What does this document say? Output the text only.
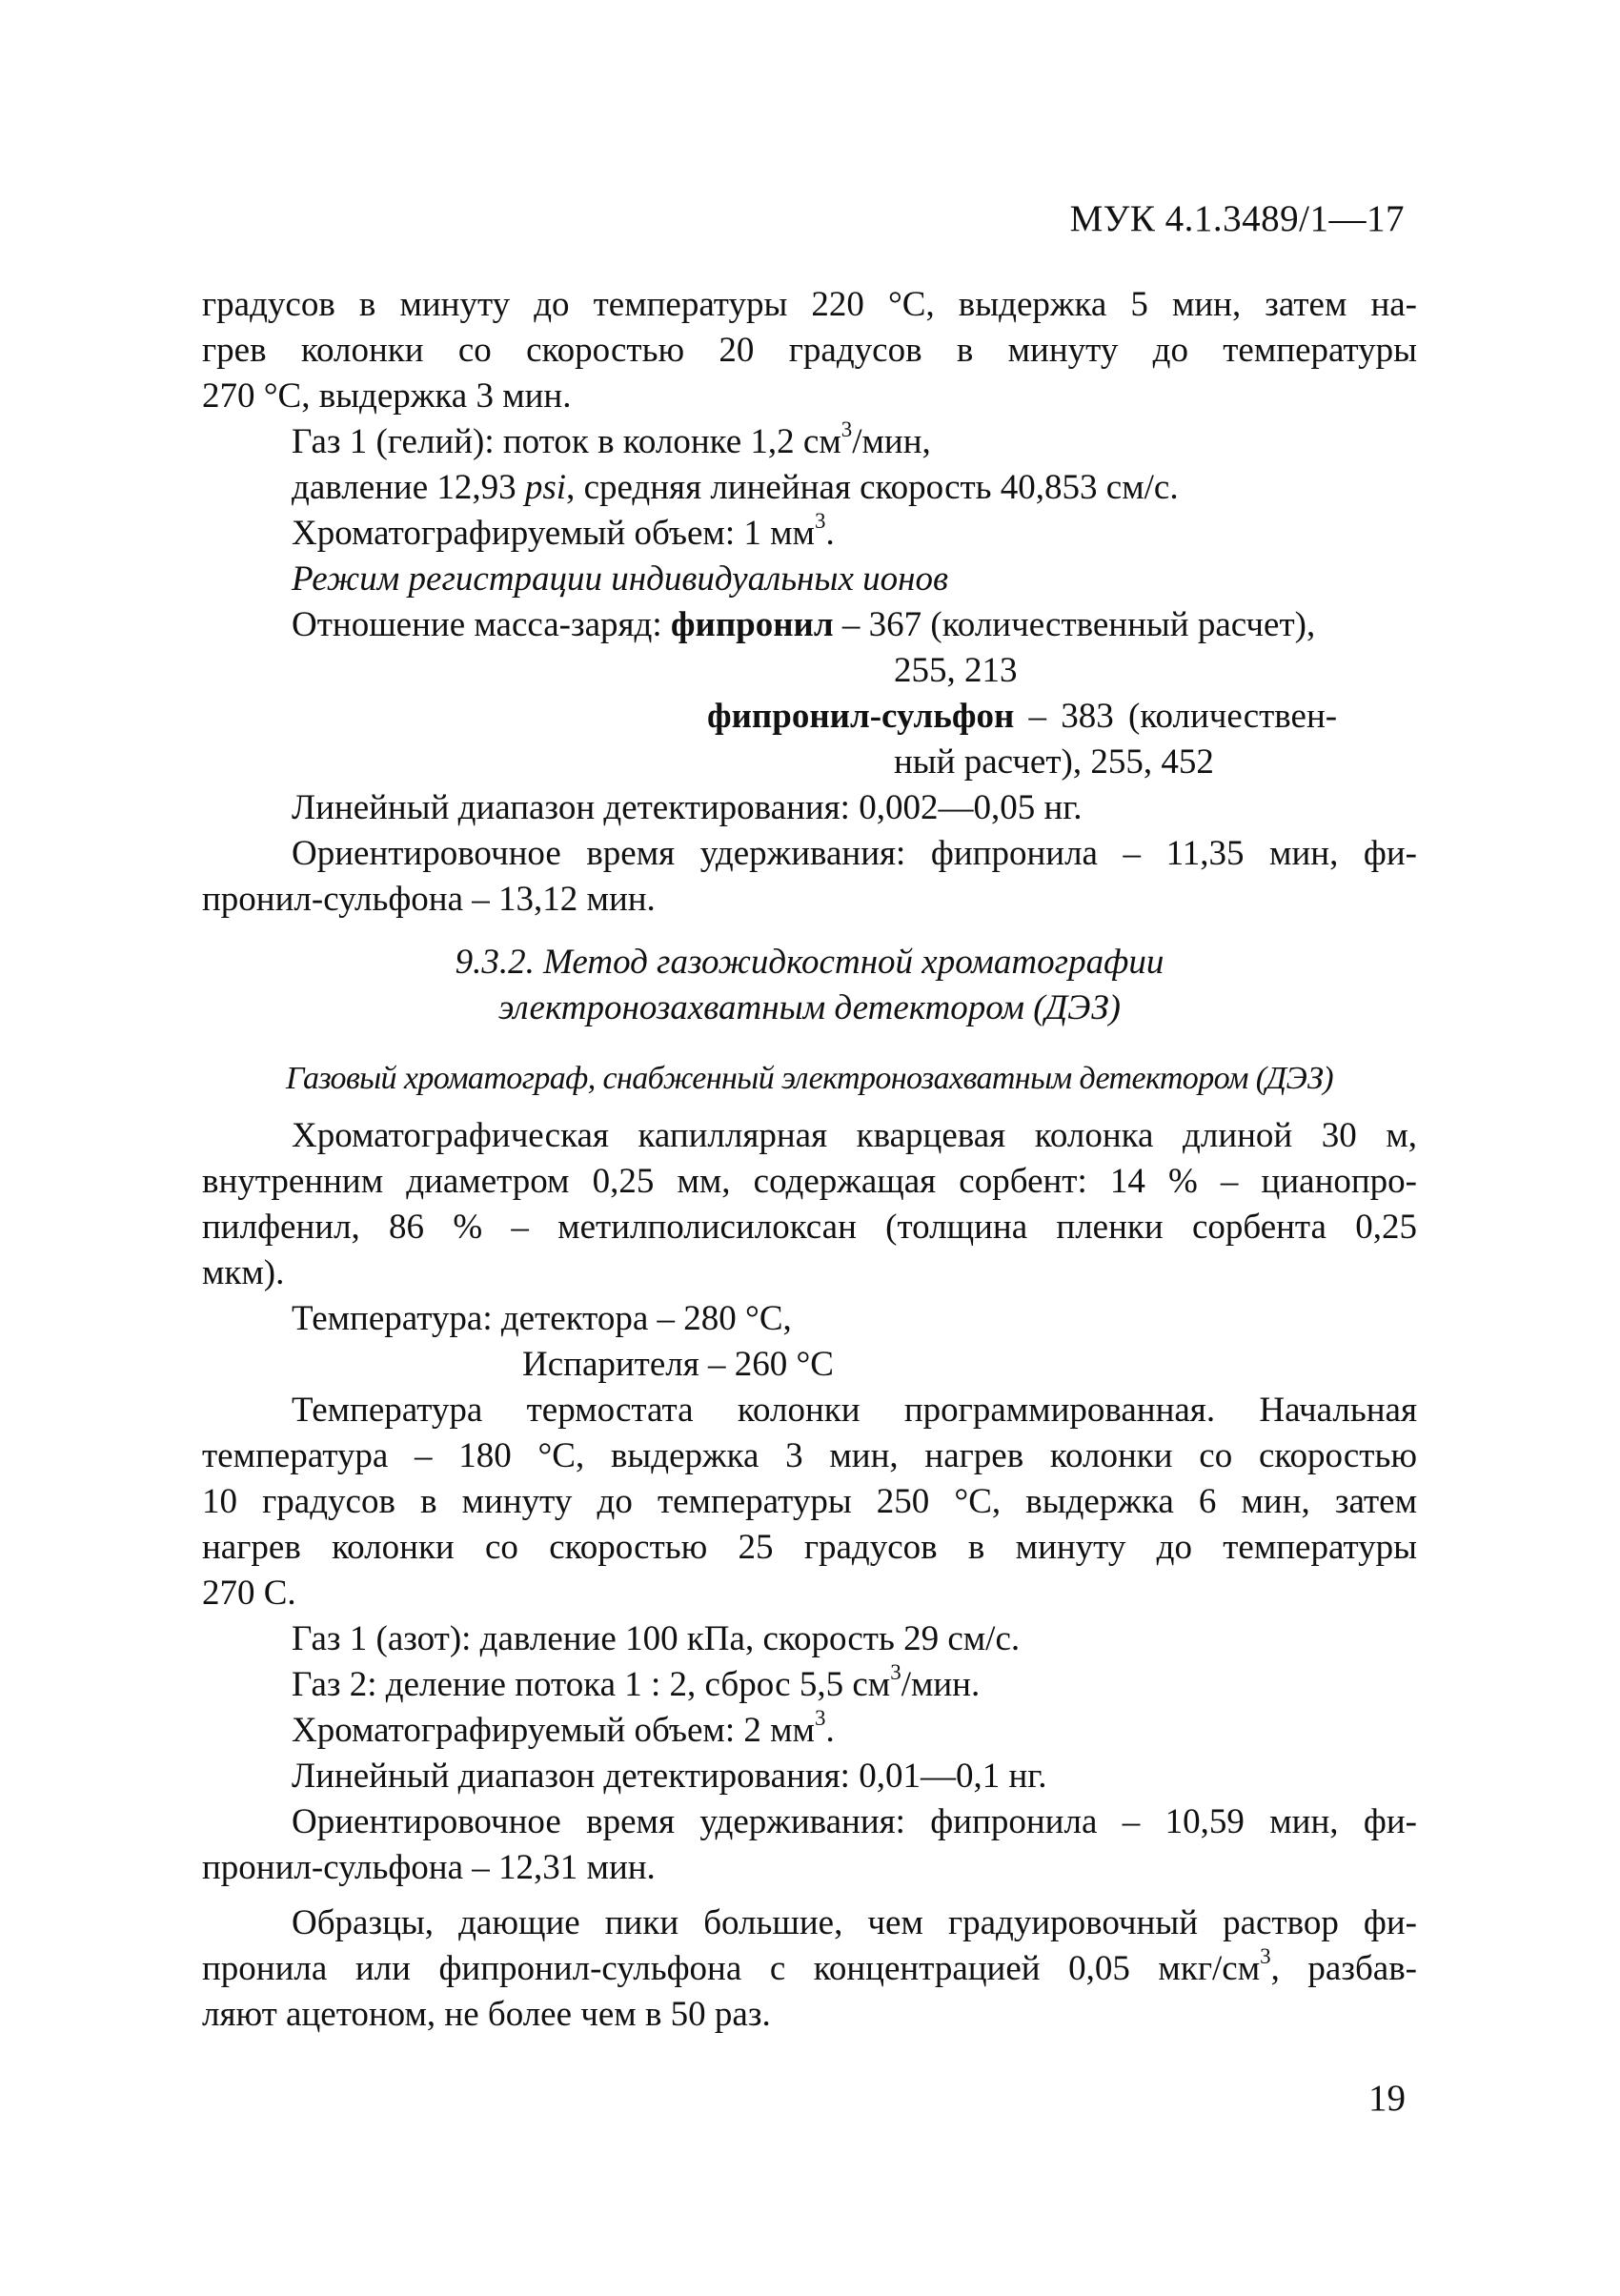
МУК 4.1.3489/1—17
градусов в минуту до температуры 220 °С, выдержка 5 мин, затем на-
грев колонки со скоростью 20 градусов в минуту до температуры
270 °С, выдержка 3 мин.
Газ 1 (гелий): поток в колонке 1,2 $см^3$/мин,
давление 12,93 psi, средняя линейная скорость 40,853 см/с.
Хроматографируемый объем: 1 $мм^3$.
Режим регистрации индивидуальных ионов
Отношение масса-заряд: фипронил – 367 (количественный расчет),
255, 213
фипронил-сульфон – 383 (количествен-
ный расчет), 255, 452
Линейный диапазон детектирования: 0,002—0,05 нг.
Ориентировочное время удерживания: фипронила – 11,35 мин, фи-
пронил-сульфона – 13,12 мин.
9.3.2. Метод газожидкостной хроматографии
электронозахватным детектором (ДЭЗ)
Газовый хроматограф, снабженный электронозахватным детектором (ДЭЗ)
Хроматографическая капиллярная кварцевая колонка длиной 30 м,
внутренним диаметром 0,25 мм, содержащая сорбент: 14 % – цианопро-
пилфенил, 86 % – метилполисилоксан (толщина пленки сорбента 0,25
мкм).
Температура: детектора – 280 °С,
Испарителя – 260 °С
Температура термостата колонки программированная. Начальная
температура – 180 °С, выдержка 3 мин, нагрев колонки со скоростью
10 градусов в минуту до температуры 250 °С, выдержка 6 мин, затем
нагрев колонки со скоростью 25 градусов в минуту до температуры
270 С.
Газ 1 (азот): давление 100 кПа, скорость 29 см/с.
Газ 2: деление потока 1 : 2, сброс 5,5 $см^3$/мин.
Хроматографируемый объем: 2 $мм^3$.
Линейный диапазон детектирования: 0,01—0,1 нг.
Ориентировочное время удерживания: фипронила – 10,59 мин, фи-
пронил-сульфона – 12,31 мин.
Образцы, дающие пики большие, чем градуировочный раствор фи-
пронила или фипронил-сульфона с концентрацией 0,05 мкг/$см^3$, разбав-
ляют ацетоном, не более чем в 50 раз.
19
